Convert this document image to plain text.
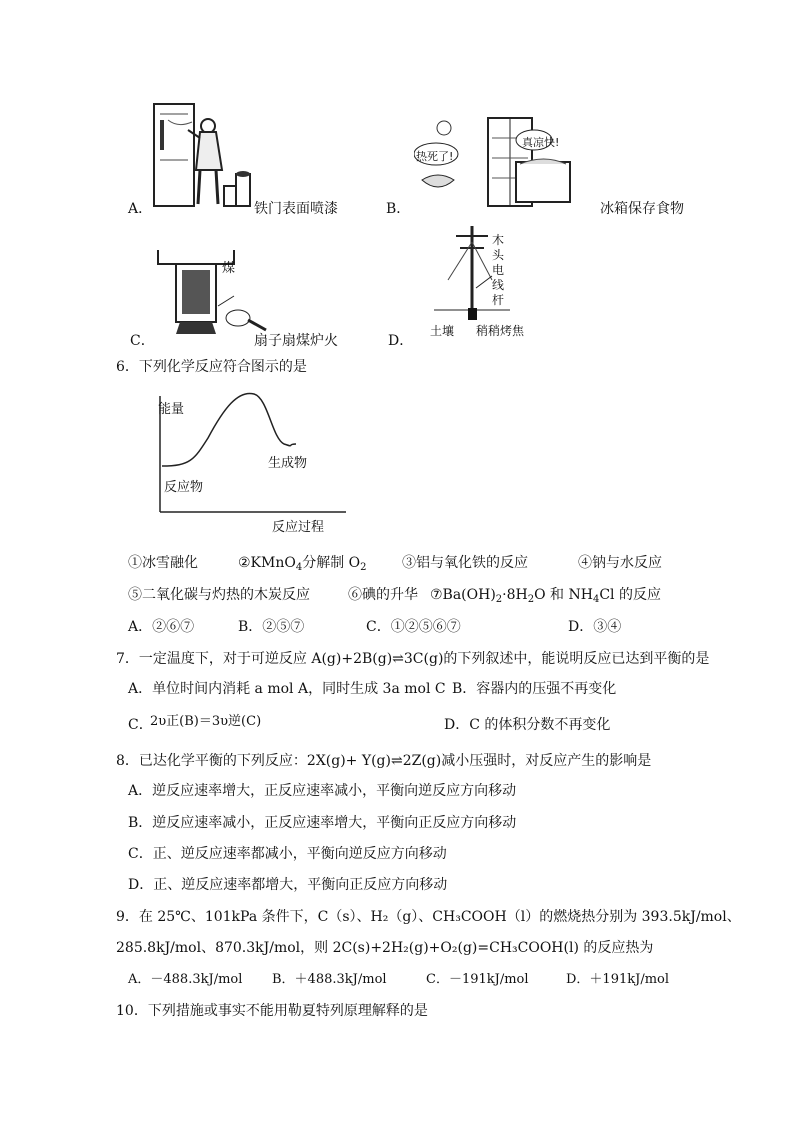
A．	铁门表面喷漆
热死了!
真凉快!
B．	冰箱保存食物
煤
C．	扇子扇煤炉火
木
头
电
线
杆
土壤 稍稍烤焦
D．
6．下列化学反应符合图示的是
能量
生成物
反应物
反应过程
①冰雪融化	②KMnO$_4$分解制 $O_2$	③铝与氧化铁的反应	④钠与水反应
⑤二氧化碳与灼热的木炭反应	⑥碘的升华 $⑦Ba(OH)_2\cdot 8H_2O$ 和 $NH_4Cl$ 的反应
A．②⑥⑦	B．②⑤⑦	C．①②⑤⑥⑦	D．③④
7．一定温度下，对于可逆反应 A(g)+2B(g)⇌3C(g)的下列叙述中，能说明反应已达到平衡的是
A．单位时间内消耗 a mol A，同时生成 3a mol C B．容器内的压强不再变化
C．
2υ正(B)＝3υ逆(C)	D．C 的体积分数不再变化
8．已达化学平衡的下列反应：2X(g)+ Y(g)⇌2Z(g)减小压强时，对反应产生的影响是
A．逆反应速率增大，正反应速率减小，平衡向逆反应方向移动
B．逆反应速率减小，正反应速率增大，平衡向正反应方向移动
C．正、逆反应速率都减小，平衡向逆反应方向移动
D．正、逆反应速率都增大，平衡向正反应方向移动
9．在 25℃、101kPa 条件下，C（s）、H₂（g）、CH₃COOH（l）的燃烧热分别为 393.5kJ/mol、
285.8kJ/mol、870.3kJ/mol，则 2C(s)+2H₂(g)+O₂(g)=CH₃COOH(l) 的反应热为
A．－488.3kJ/mol B．＋488.3kJ/mol	C．－191kJ/mol	D．＋191kJ/mol
10．下列措施或事实不能用勒夏特列原理解释的是
